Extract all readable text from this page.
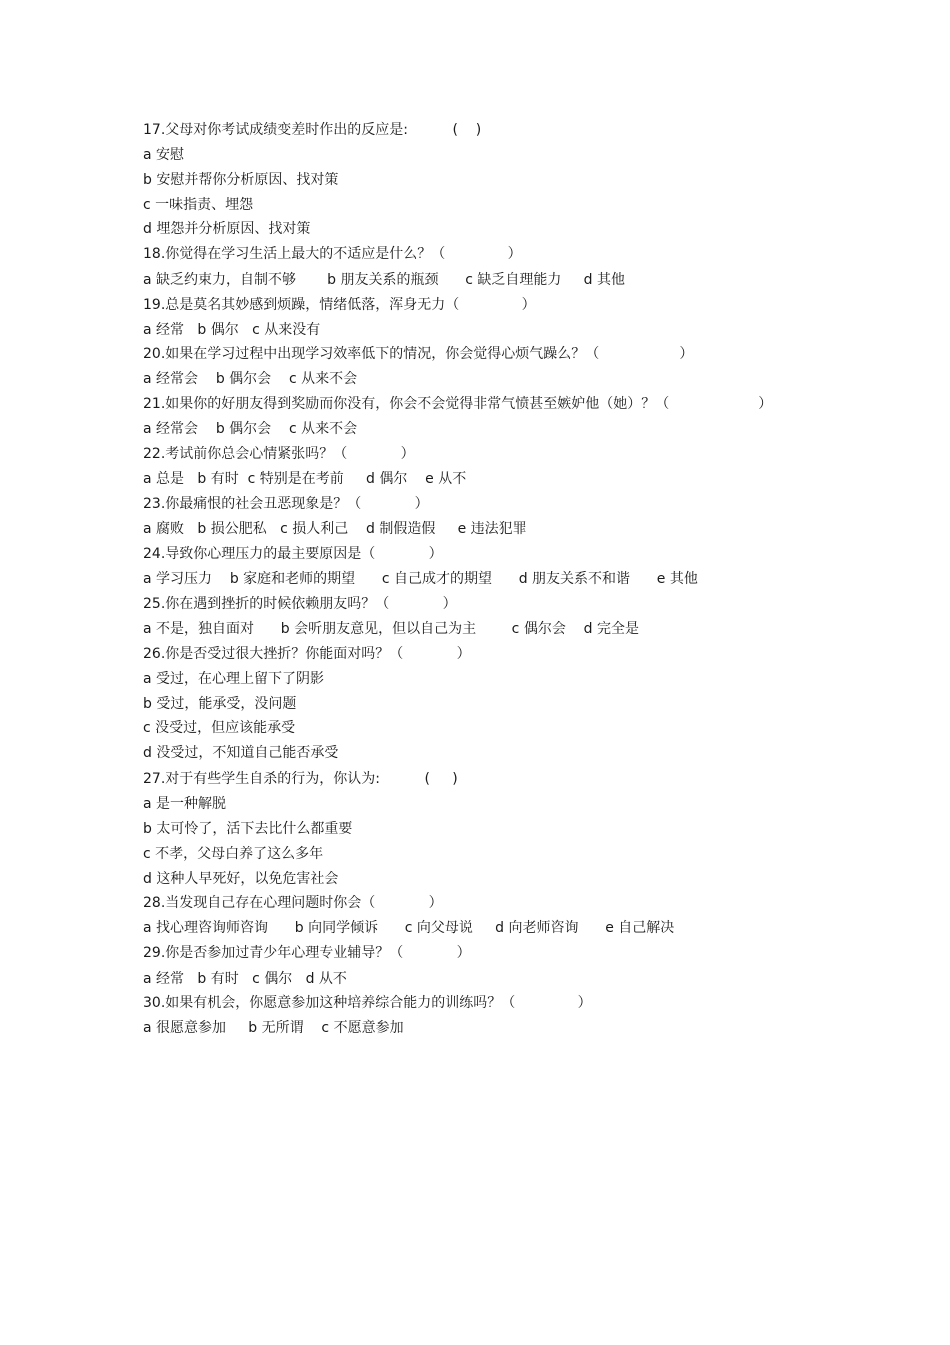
17.父母对你考试成绩变差时作出的反应是:          (    )
a 安慰
b 安慰并帮你分析原因、找对策
c 一味指责、埋怨
d 埋怨并分析原因、找对策
18.你觉得在学习生活上最大的不适应是什么？（              ）
a 缺乏约束力，自制不够       b 朋友关系的瓶颈      c 缺乏自理能力     d 其他
19.总是莫名其妙感到烦躁，情绪低落，浑身无力（              ）
a 经常   b 偶尔   c 从来没有
20.如果在学习过程中出现学习效率低下的情况，你会觉得心烦气躁么？（                  ）
a 经常会    b 偶尔会    c 从来不会
21.如果你的好朋友得到奖励而你没有，你会不会觉得非常气愤甚至嫉妒他（她）？（                    ）
a 经常会    b 偶尔会    c 从来不会
22.考试前你总会心情紧张吗？（            ）
a 总是   b 有时  c 特别是在考前     d 偶尔    e 从不
23.你最痛恨的社会丑恶现象是？（            ）
a 腐败   b 损公肥私   c 损人利己    d 制假造假     e 违法犯罪
24.导致你心理压力的最主要原因是（            ）
a 学习压力    b 家庭和老师的期望      c 自己成才的期望      d 朋友关系不和谐      e 其他
25.你在遇到挫折的时候依赖朋友吗？（            ）
a 不是，独自面对      b 会听朋友意见，但以自己为主        c 偶尔会    d 完全是
26.你是否受过很大挫折？你能面对吗？（            ）
a 受过，在心理上留下了阴影
b 受过，能承受，没问题
c 没受过，但应该能承受
d 没受过，不知道自己能否承受
27.对于有些学生自杀的行为，你认为:          (     )
a 是一种解脱
b 太可怜了，活下去比什么都重要
c 不孝，父母白养了这么多年
d 这种人早死好，以免危害社会
28.当发现自己存在心理问题时你会（            ）
a 找心理咨询师咨询      b 向同学倾诉      c 向父母说     d 向老师咨询      e 自己解决
29.你是否参加过青少年心理专业辅导？（            ）
a 经常   b 有时   c 偶尔   d 从不
30.如果有机会，你愿意参加这种培养综合能力的训练吗？（              ）
a 很愿意参加     b 无所谓    c 不愿意参加
